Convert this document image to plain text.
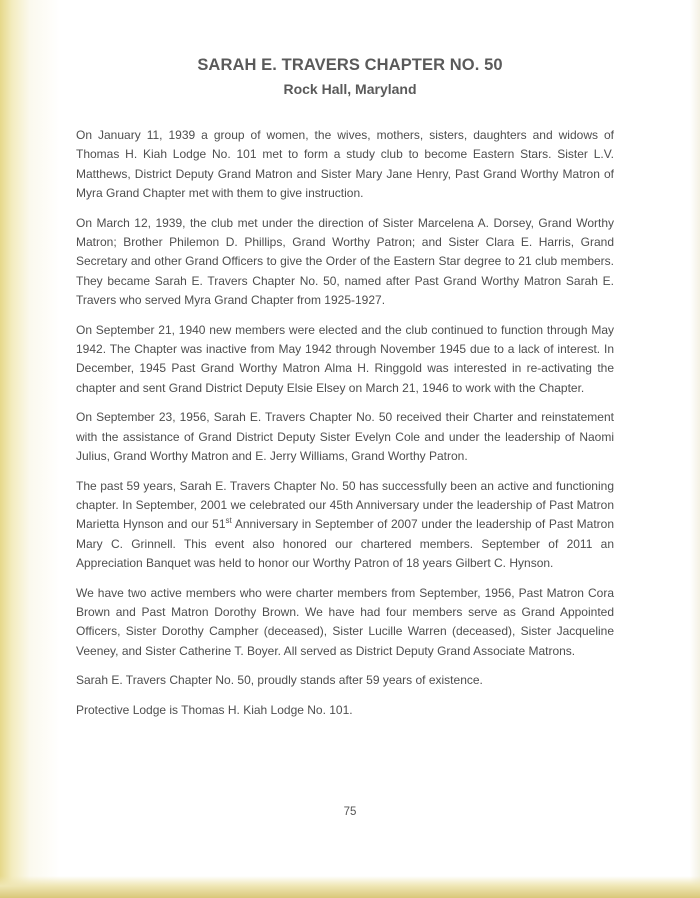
SARAH E. TRAVERS CHAPTER NO. 50
Rock Hall, Maryland

On January 11, 1939 a group of women, the wives, mothers, sisters, daughters and widows of Thomas H. Kiah Lodge No. 101 met to form a study club to become Eastern Stars. Sister L.V. Matthews, District Deputy Grand Matron and Sister Mary Jane Henry, Past Grand Worthy Matron of Myra Grand Chapter met with them to give instruction.

On March 12, 1939, the club met under the direction of Sister Marcelena A. Dorsey, Grand Worthy Matron; Brother Philemon D. Phillips, Grand Worthy Patron; and Sister Clara E. Harris, Grand Secretary and other Grand Officers to give the Order of the Eastern Star degree to 21 club members. They became Sarah E. Travers Chapter No. 50, named after Past Grand Worthy Matron Sarah E. Travers who served Myra Grand Chapter from 1925-1927.

On September 21, 1940 new members were elected and the club continued to function through May 1942. The Chapter was inactive from May 1942 through November 1945 due to a lack of interest. In December, 1945 Past Grand Worthy Matron Alma H. Ringgold was interested in re-activating the chapter and sent Grand District Deputy Elsie Elsey on March 21, 1946 to work with the Chapter.

On September 23, 1956, Sarah E. Travers Chapter No. 50 received their Charter and reinstatement with the assistance of Grand District Deputy Sister Evelyn Cole and under the leadership of Naomi Julius, Grand Worthy Matron and E. Jerry Williams, Grand Worthy Patron.

The past 59 years, Sarah E. Travers Chapter No. 50 has successfully been an active and functioning chapter. In September, 2001 we celebrated our 45th Anniversary under the leadership of Past Matron Marietta Hynson and our 51st Anniversary in September of 2007 under the leadership of Past Matron Mary C. Grinnell. This event also honored our chartered members. September of 2011 an Appreciation Banquet was held to honor our Worthy Patron of 18 years Gilbert C. Hynson.

We have two active members who were charter members from September, 1956, Past Matron Cora Brown and Past Matron Dorothy Brown. We have had four members serve as Grand Appointed Officers, Sister Dorothy Campher (deceased), Sister Lucille Warren (deceased), Sister Jacqueline Veeney, and Sister Catherine T. Boyer. All served as District Deputy Grand Associate Matrons.

Sarah E. Travers Chapter No. 50, proudly stands after 59 years of existence.

Protective Lodge is Thomas H. Kiah Lodge No. 101.

75
